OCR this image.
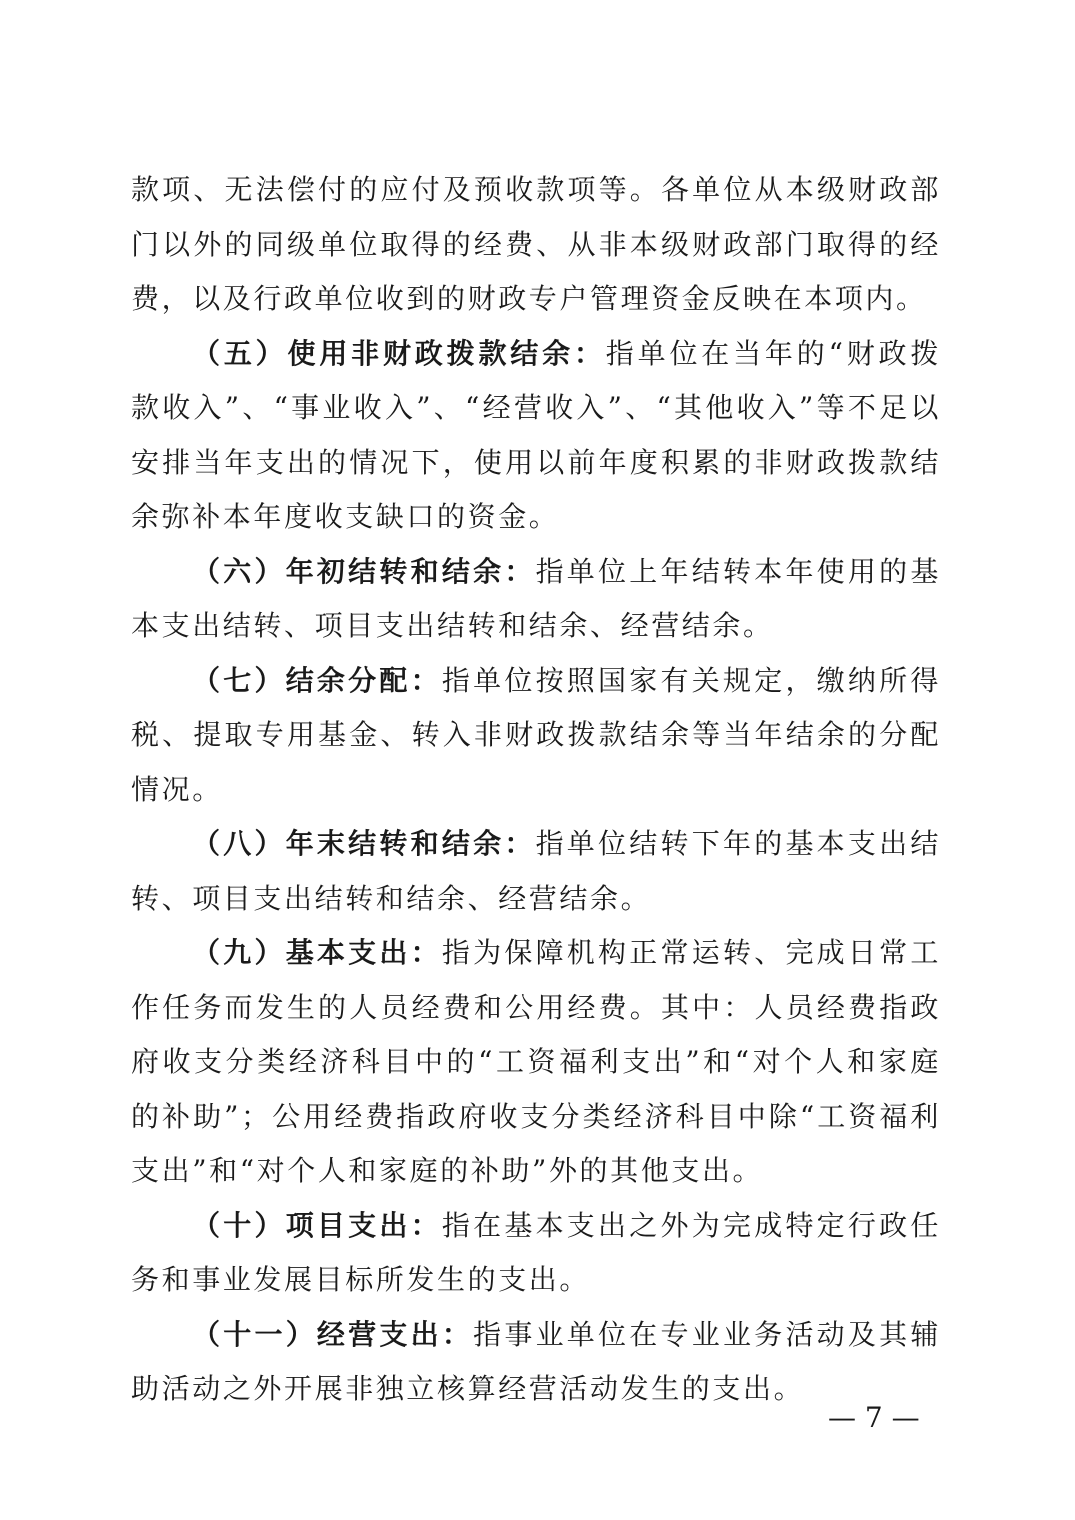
款项、无法偿付的应付及预收款项等。各单位从本级财政部门以外的同级单位取得的经费、从非本级财政部门取得的经费，以及行政单位收到的财政专户管理资金反映在本项内。

（五）使用非财政拨款结余：指单位在当年的“财政拨款收入”、“事业收入”、“经营收入”、“其他收入”等不足以安排当年支出的情况下，使用以前年度积累的非财政拨款结余弥补本年度收支缺口的资金。

（六）年初结转和结余：指单位上年结转本年使用的基本支出结转、项目支出结转和结余、经营结余。

（七）结余分配：指单位按照国家有关规定，缴纳所得税、提取专用基金、转入非财政拨款结余等当年结余的分配情况。

（八）年末结转和结余：指单位结转下年的基本支出结转、项目支出结转和结余、经营结余。

（九）基本支出：指为保障机构正常运转、完成日常工作任务而发生的人员经费和公用经费。其中：人员经费指政府收支分类经济科目中的“工资福利支出”和“对个人和家庭的补助”；公用经费指政府收支分类经济科目中除“工资福利支出”和“对个人和家庭的补助”外的其他支出。

（十）项目支出：指在基本支出之外为完成特定行政任务和事业发展目标所发生的支出。

（十一）经营支出：指事业单位在专业业务活动及其辅助活动之外开展非独立核算经营活动发生的支出。

— 7 —
